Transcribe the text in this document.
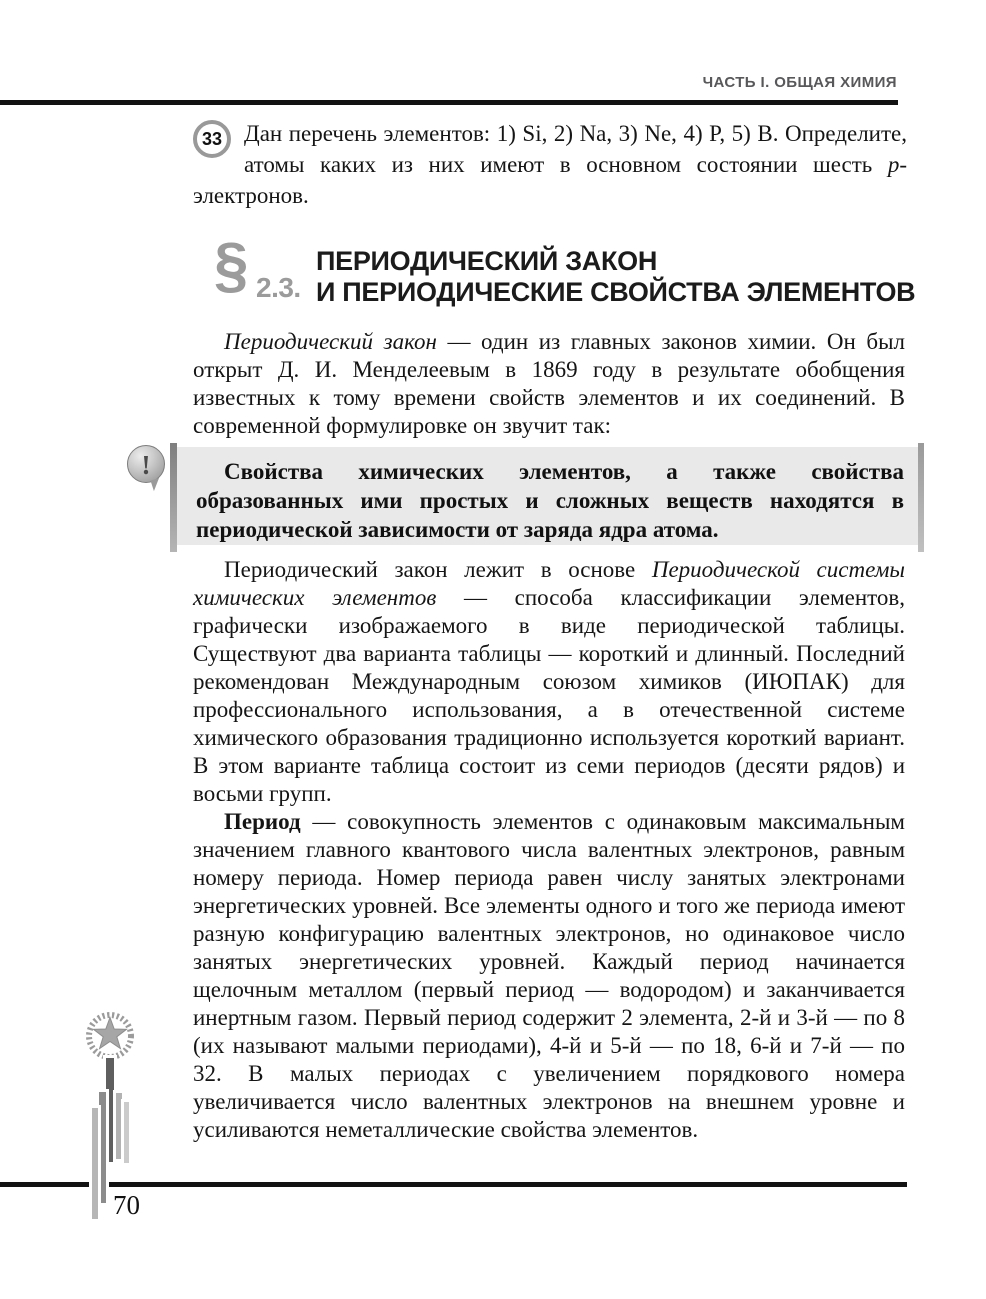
ЧАСТЬ I. ОБЩАЯ ХИМИЯ
33 Дан перечень элементов: 1) Si, 2) Na, 3) Ne, 4) P, 5) B. Определите, атомы каких из них имеют в основном состоянии шесть p-электронов.
§ 2.3.
ПЕРИОДИЧЕСКИЙ ЗАКОН
И ПЕРИОДИЧЕСКИЕ СВОЙСТВА ЭЛЕМЕНТОВ

Периодический закон — один из главных законов химии. Он был открыт Д. И. Менделеевым в 1869 году в результате обобщения известных к тому времени свойств элементов и их соединений. В современной формулировке он звучит так:

!	Свойства химических элементов, а также свойства образованных ими простых и сложных веществ находятся в периодической зависимости от заряда ядра атома.

Периодический закон лежит в основе Периодической системы химических элементов — способа классификации элементов, графически изображаемого в виде периодической таблицы. Существуют два варианта таблицы — короткий и длинный. Последний рекомендован Международным союзом химиков (ИЮПАК) для профессионального использования, а в отечественной системе химического образования традиционно используется короткий вариант. В этом варианте таблица состоит из семи периодов (десяти рядов) и восьми групп.

Период — совокупность элементов с одинаковым максимальным значением главного квантового числа валентных электронов, равным номеру периода. Номер периода равен числу занятых электронами энергетических уровней. Все элементы одного и того же периода имеют разную конфигурацию валентных электронов, но одинаковое число занятых энергетических уровней. Каждый период начинается щелочным металлом (первый период — водородом) и заканчивается инертным газом. Первый период содержит 2 элемента, 2-й и 3-й — по 8 (их называют малыми периодами), 4-й и 5-й — по 18, 6-й и 7-й — по 32. В малых периодах с увеличением порядкового номера увеличивается число валентных электронов на внешнем уровне и усиливаются неметаллические свойства элементов.

70
